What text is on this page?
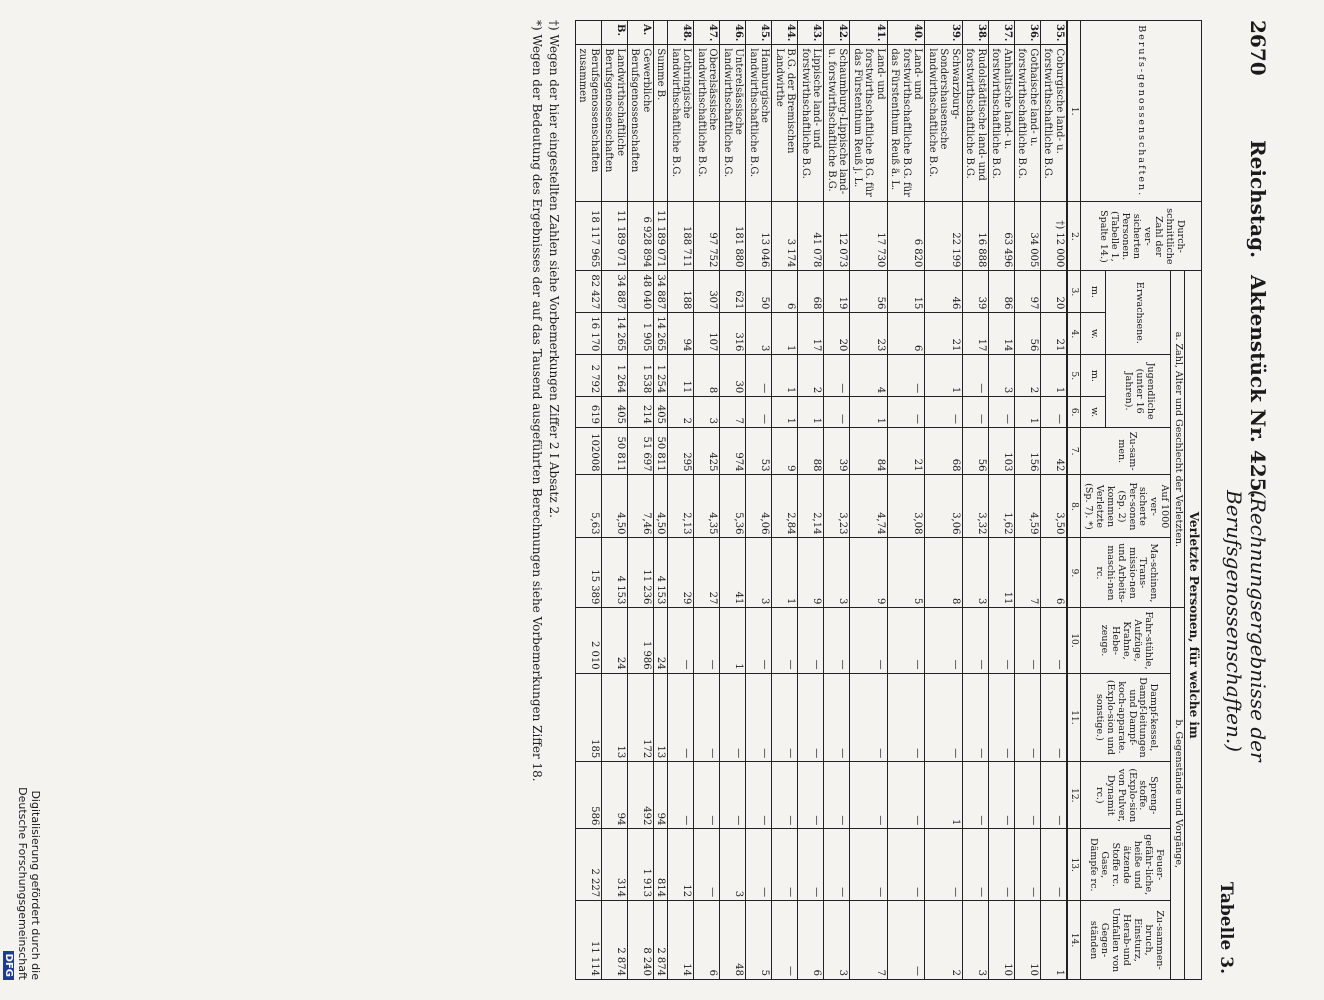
2670
Reichstag.
Aktenstück Nr. 425.
(Rechnungsergebnisse der Berufsgenossenschaften.)
Tabelle 3.
Berufs-genossenschaften.		Durch-schnittliche Zahl der ver-sicherten Personen. (Tabelle 1, Spalte 14.)	Verletzte Personen, für welche im											
			a. Zahl, Alter und Geschlecht der Verletzten.							b. Gegenstände und Vorgänge,				
			Erwachsene.		Jugendliche (unter 16 Jahren).		Zu-sam-men.	Auf 1000 ver-sicherte Per-sonen (Sp. 2) kommen Verletzte (Sp. 7). *)	Ma-schinen, Trans-missio-nen und Arbeits-maschi-nen rc.	Fahr-stühle, Aufzüge, Krahne, Hebe-zeuge.	Dampf-kessel, Dampf-leitungen und Dampf-koch-apparate. (Explo-sion und sonstige.)	Spreng-stoffe. (Explo-sion von Pulver, Dynamit rc.)	Feuer-gefähr-liche, heiße und ätzende Stoffe rc. Gase, Dämpfe rc.	Zu-sammen-bruch, Einsturz, Herab-und Umfallen von Gegen-ständen
			m.	w.	m.	w.								
1.		2.	3.	4.	5.	6.	7.	8.	9.	10.	11.	12.	13.	14.
35.	Coburgische land- u. forstwirthschaftliche B.G.	†) 12 000	20	21	1	—	42	3,50	6	—	—	—	—	1
36.	Gothaische land- u. forstwirthschaftliche B.G.	34 005	97	56	2	1	156	4,59	7	—	—	—	—	10
37.	Anhaltische land- u. forstwirthschaftliche B.G.	63 496	86	14	3	—	103	1,62	11	—	—	—	—	10
38.	Rudolstädtische land- und forstwirthschaftliche B.G.	16 888	39	17	—	—	56	3,32	3	—	—	—	—	3
39.	Schwarzburg-Sondershausensche landwirthschaftliche B.G.	22 199	46	21	1	—	68	3,06	8	—	—	1	—	2
40.	Land- und forstwirthschaftliche B.G. für das Fürstenthum Reuß ä. L.	6 820	15	6	—	—	21	3,08	5	—	—	—	—	—
41.	Land- und forstwirthschaftliche B.G. für das Fürstenthum Reuß j. L.	17 730	56	23	4	1	84	4,74	9	—	—	—	—	7
42.	Schaumburg-Lippische land- u. forstwirthschaftliche B.G.	12 073	19	20	—	—	39	3,23	3	—	—	—	—	3
43.	Lippische land- und forstwirthschaftliche B.G.	41 078	68	17	2	1	88	2,14	9	—	—	—	—	6
44.	B.G. der Bremischen Landwirthe	3 174	6	1	1	1	9	2,84	1	—	—	—	—	—
45.	Hamburgische landwirthschaftliche B.G.	13 046	50	3	—	—	53	4,06	3	—	—	—	—	5
46.	Unterelsässische landwirthschaftliche B.G.	181 880	621	316	30	7	974	5,36	41	1	—	—	3	48
47.	Oberelsässische landwirthschaftliche B.G.	97 752	307	107	8	3	425	4,35	27	—	—	—	—	6
48.	Lothringische landwirthschaftliche B.G.	188 711	188	94	11	2	295	2,13	29	—	—	—	12	14
	Summe B.	11 189 071	34 887	14 265	1 254	405	50 811	4,50	4 153	24	13	94	814	2 874
A.	Gewerbliche Berufsgenossenschaften	6 928 894	48 040	1 905	1 538	214	51 697	7,46	11 236	1 986	172	492	1 913	8 240
B.	Landwirthschaftliche Berufsgenossenschaften	11 189 071	34 887	14 265	1 264	405	50 811	4,50	4 153	24	13	94	314	2 874
	Berufsgenossenschaften zusammen	18 117 965	82 427	16 170	2 792	619	102008	5,63	15 389	2 010	185	586	2 227	11 114
†) Wegen der hier eingestellten Zahlen siehe Vorbemerkungen Ziffer 2 I Absatz 2.
*) Wegen der Bedeutung des Ergebnisses der auf das Tausend ausgeführten Berechnungen siehe Vorbemerkungen Ziffer 18.
Digitalisierung gefördert durch die Deutsche ForschungsgemeinschaftDFG
